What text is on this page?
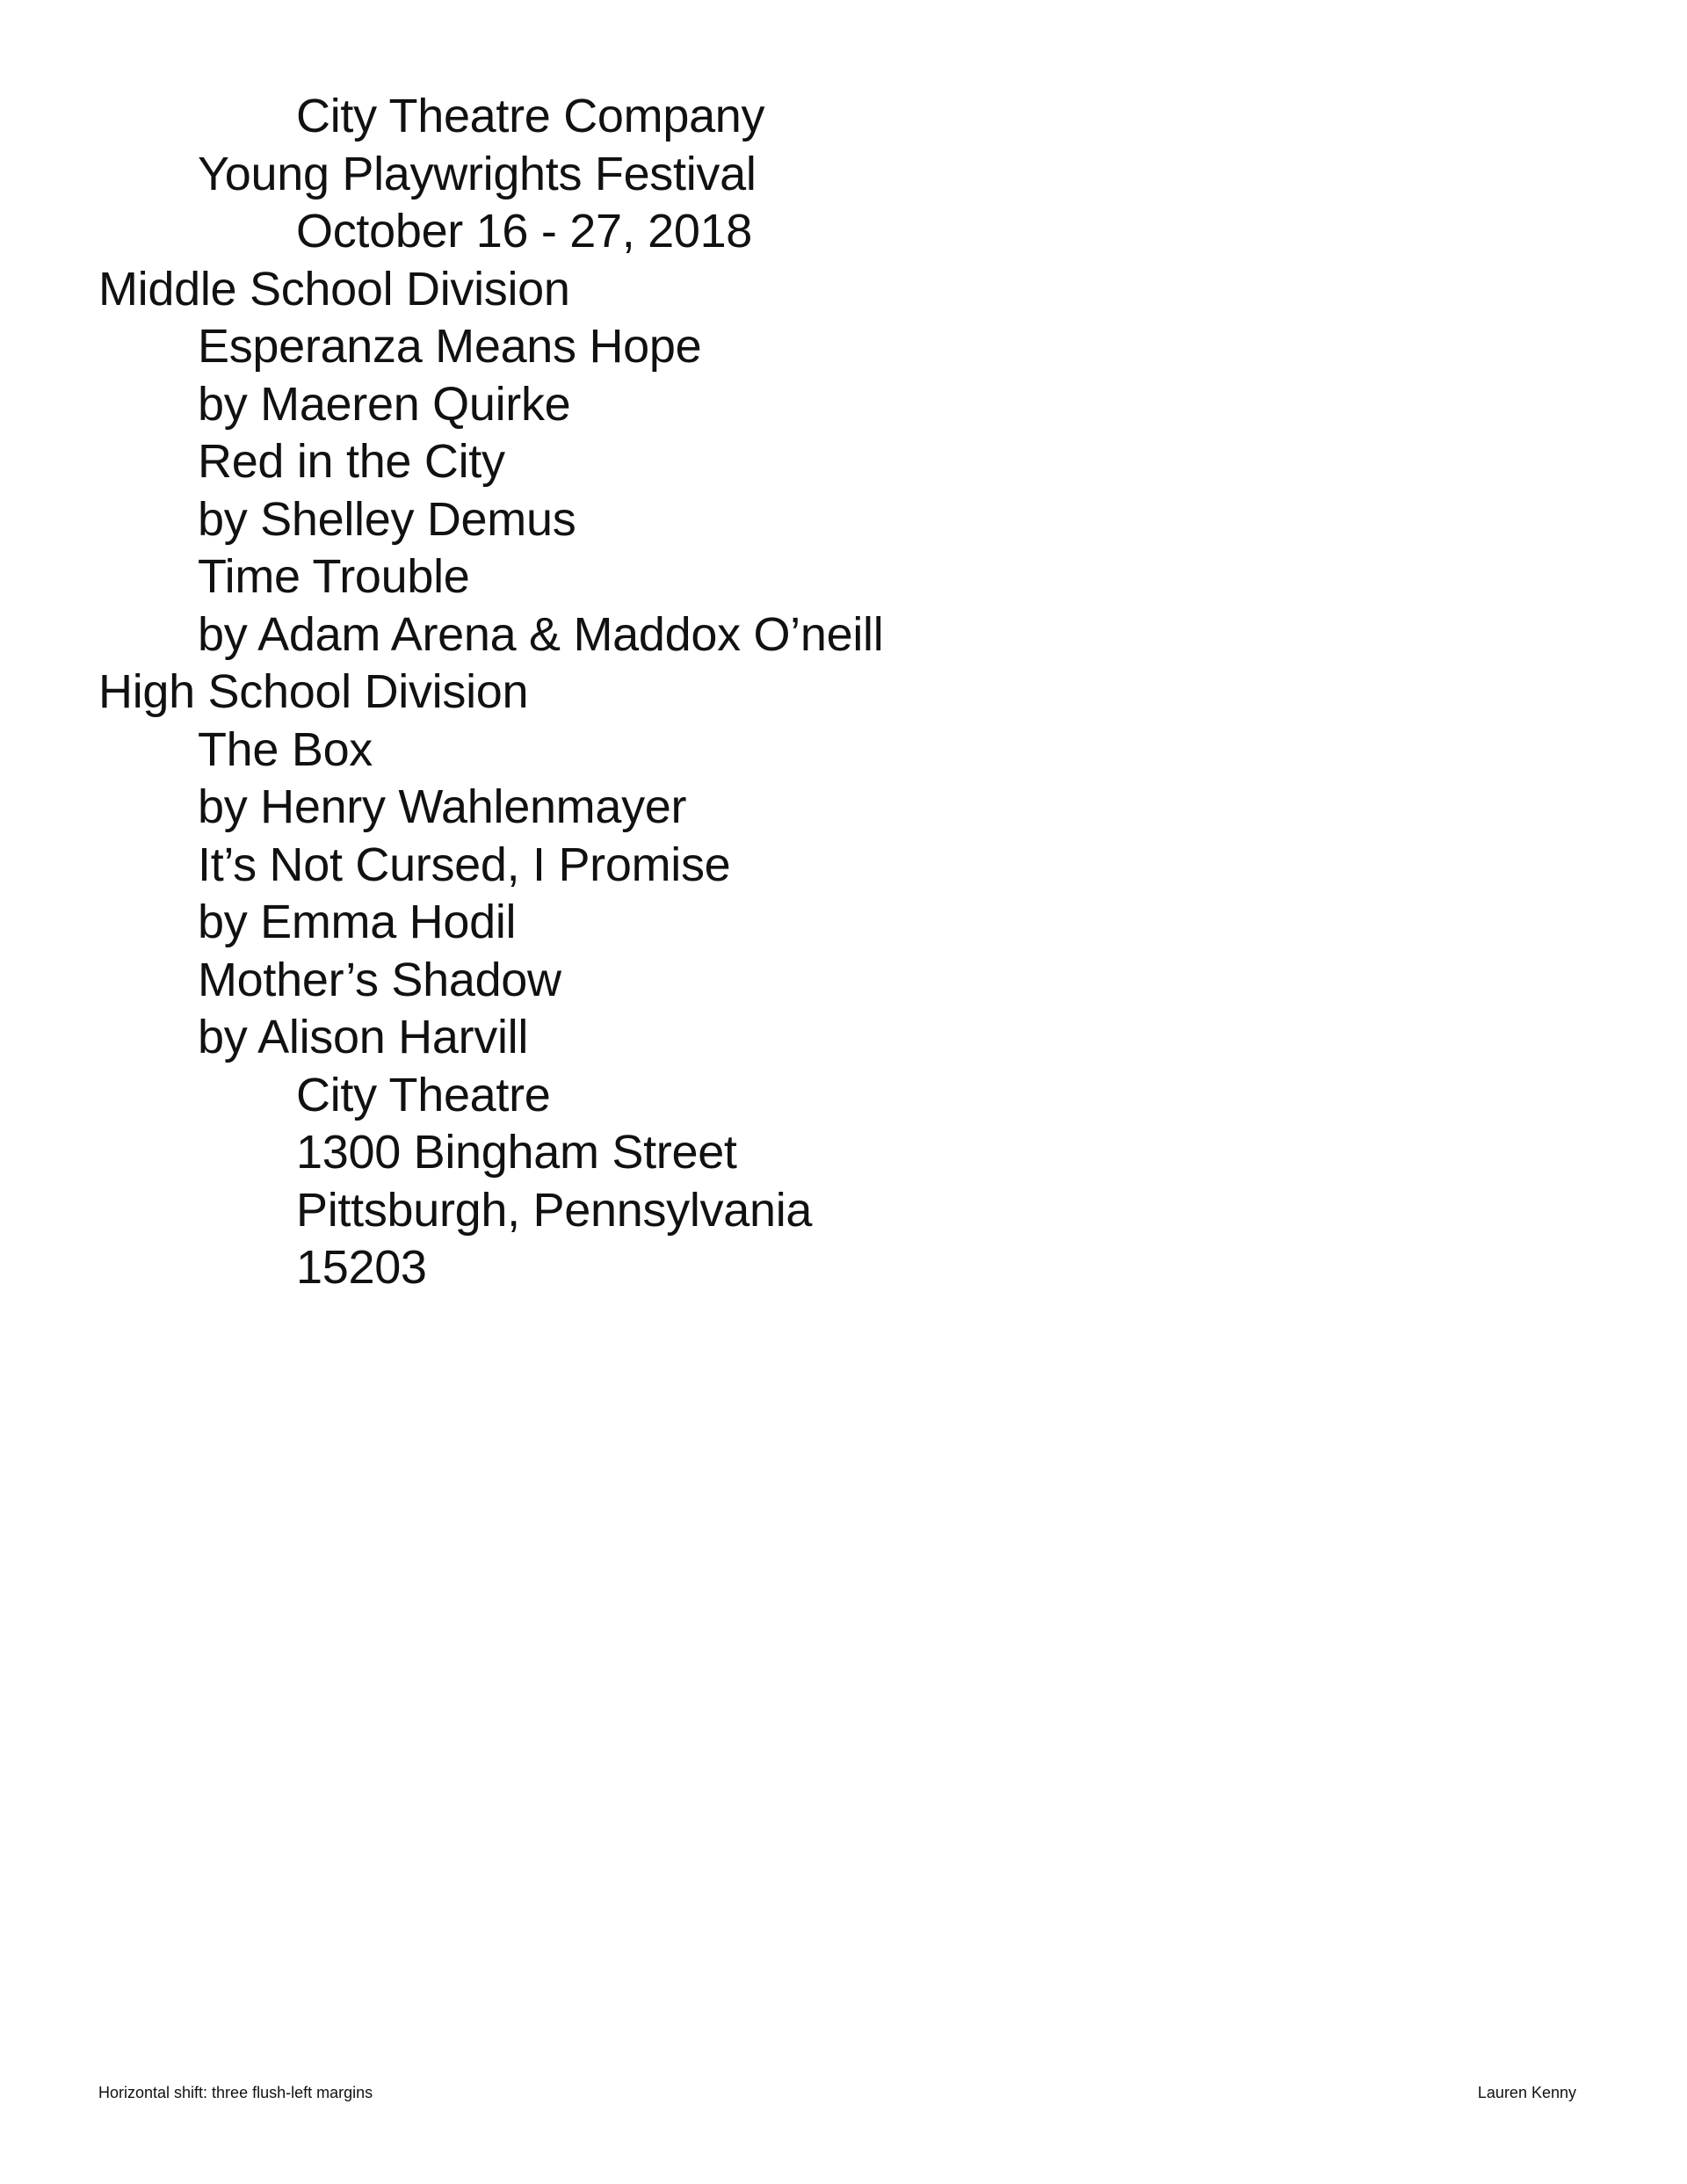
City Theatre Company
Young Playwrights Festival
October 16 - 27, 2018
Middle School Division
Esperanza Means Hope
by Maeren Quirke
Red in the City
by Shelley Demus
Time Trouble
by Adam Arena & Maddox O’neill
High School Division
The Box
by Henry Wahlenmayer
It’s Not Cursed, I Promise
by Emma Hodil
Mother’s Shadow
by Alison Harvill
City Theatre
1300 Bingham Street
Pittsburgh, Pennsylvania
15203
Horizontal shift: three flush-left margins	Lauren Kenny
